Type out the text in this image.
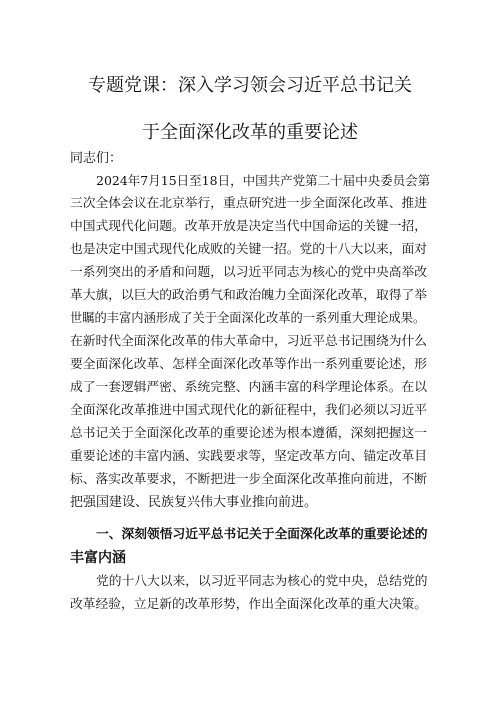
专题党课：深入学习领会习近平总书记关
于全面深化改革的重要论述
同志们：
2024年7月15日至18日，中国共产党第二十届中央委员会第
三次全体会议在北京举行，重点研究进一步全面深化改革、推进
中国式现代化问题。改革开放是决定当代中国命运的关键一招，
也是决定中国式现代化成败的关键一招。党的十八大以来，面对
一系列突出的矛盾和问题，以习近平同志为核心的党中央高举改
革大旗，以巨大的政治勇气和政治魄力全面深化改革，取得了举
世瞩的丰富内涵形成了关于全面深化改革的一系列重大理论成果。
在新时代全面深化改革的伟大革命中，习近平总书记围绕为什么
要全面深化改革、怎样全面深化改革等作出一系列重要论述，形
成了一套逻辑严密、系统完整、内涵丰富的科学理论体系。在以
全面深化改革推进中国式现代化的新征程中，我们必须以习近平
总书记关于全面深化改革的重要论述为根本遵循，深刻把握这一
重要论述的丰富内涵、实践要求等，坚定改革方向、锚定改革目
标、落实改革要求，不断把进一步全面深化改革推向前进，不断
把强国建设、民族复兴伟大事业推向前进。
一、深刻领悟习近平总书记关于全面深化改革的重要论述的
丰富内涵
党的十八大以来，以习近平同志为核心的党中央，总结党的
改革经验，立足新的改革形势，作出全面深化改革的重大决策。
